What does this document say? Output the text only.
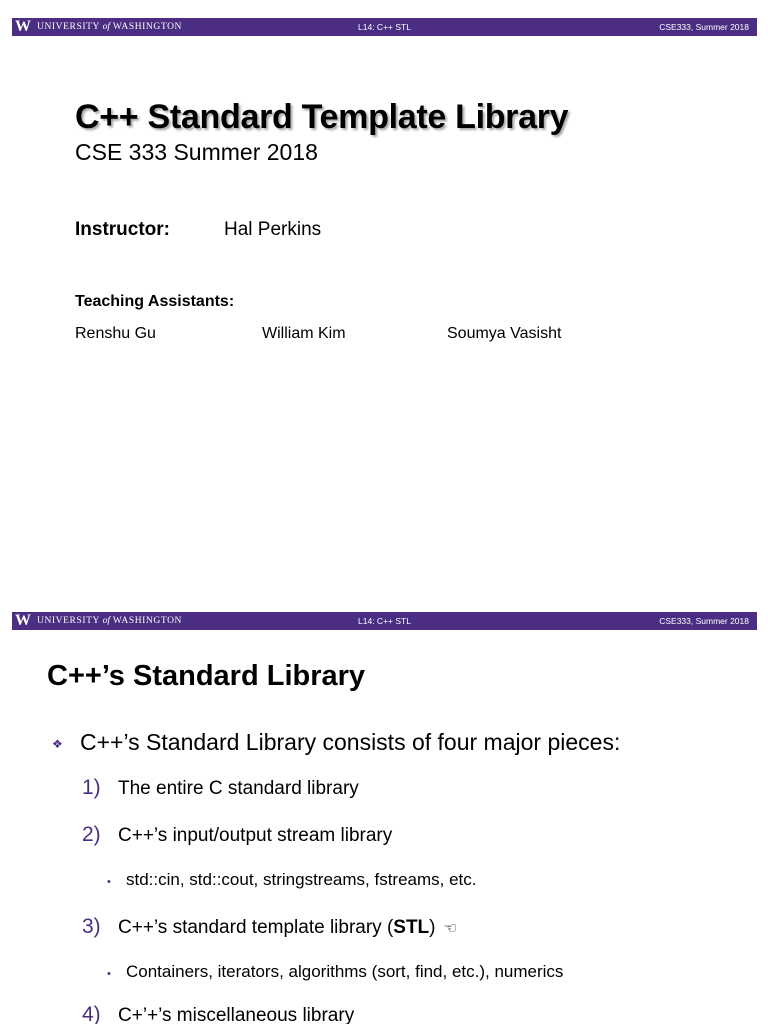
W UNIVERSITY of WASHINGTON	L14: C++ STL	CSE333, Summer 2018
C++ Standard Template Library
CSE 333 Summer 2018
Instructor:	Hal Perkins
Teaching Assistants:
Renshu Gu	William Kim	Soumya Vasisht
W UNIVERSITY of WASHINGTON	L14: C++ STL	CSE333, Summer 2018
C++’s Standard Library
❖ C++’s Standard Library consists of four major pieces:
1) The entire C standard library
2) C++’s input/output stream library
• std::cin, std::cout, stringstreams, fstreams, etc.
3) C++’s standard template library (STL) ☜
• Containers, iterators, algorithms (sort, find, etc.), numerics
4) C+’+’s miscellaneous library
